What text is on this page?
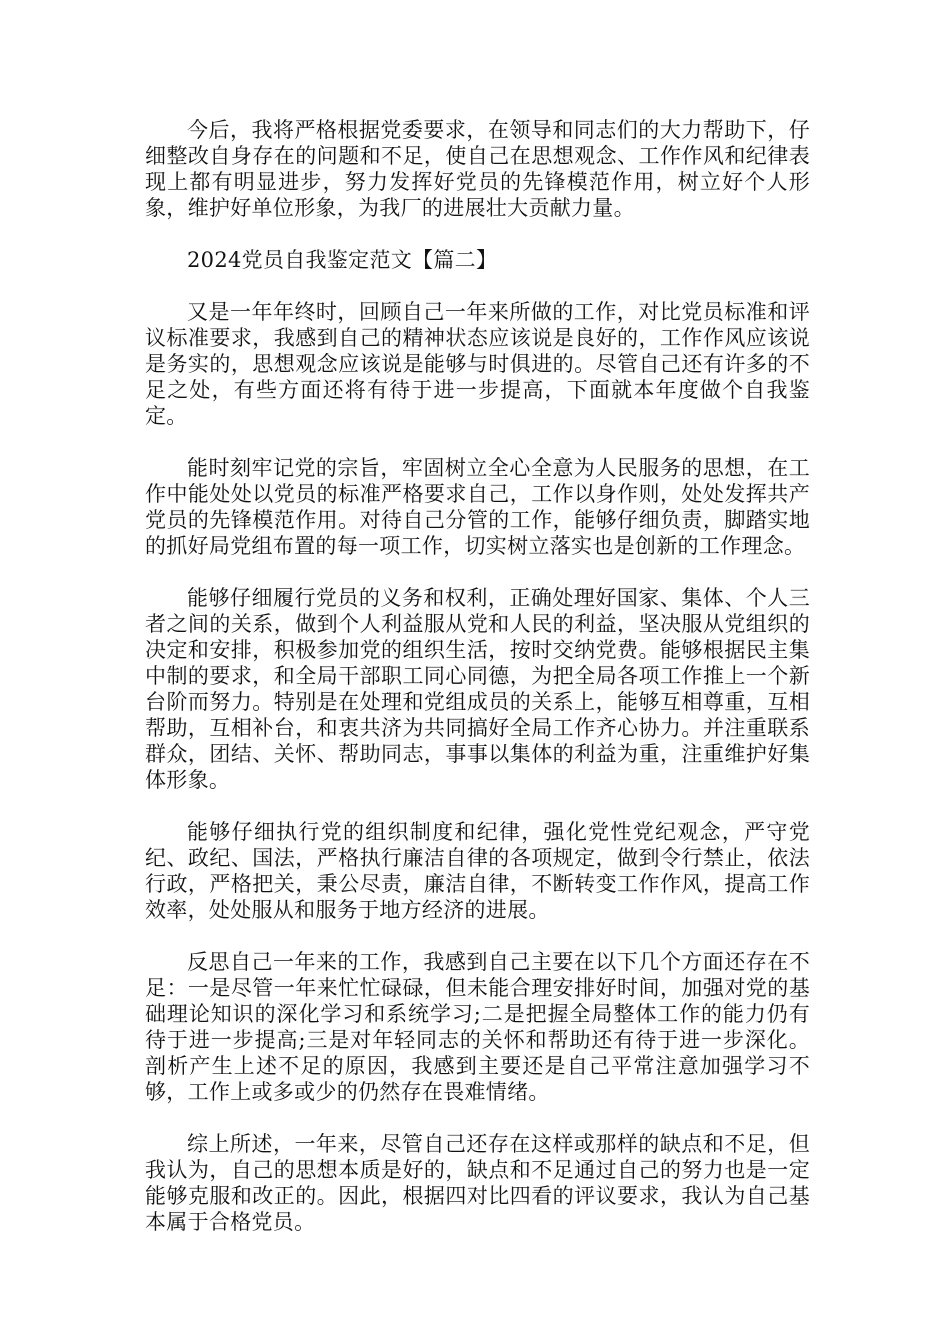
今后，我将严格根据党委要求，在领导和同志们的大力帮助下，仔细整改自身存在的问题和不足，使自己在思想观念、工作作风和纪律表现上都有明显进步，努力发挥好党员的先锋模范作用，树立好个人形象，维护好单位形象，为我厂的进展壮大贡献力量。

2024党员自我鉴定范文【篇二】

又是一年年终时，回顾自己一年来所做的工作，对比党员标准和评议标准要求，我感到自己的精神状态应该说是良好的，工作作风应该说是务实的，思想观念应该说是能够与时俱进的。尽管自己还有许多的不足之处，有些方面还将有待于进一步提高，下面就本年度做个自我鉴定。

能时刻牢记党的宗旨，牢固树立全心全意为人民服务的思想，在工作中能处处以党员的标准严格要求自己，工作以身作则，处处发挥共产党员的先锋模范作用。对待自己分管的工作，能够仔细负责，脚踏实地的抓好局党组布置的每一项工作，切实树立落实也是创新的工作理念。

能够仔细履行党员的义务和权利，正确处理好国家、集体、个人三者之间的关系，做到个人利益服从党和人民的利益，坚决服从党组织的决定和安排，积极参加党的组织生活，按时交纳党费。能够根据民主集中制的要求，和全局干部职工同心同德，为把全局各项工作推上一个新台阶而努力。特别是在处理和党组成员的关系上，能够互相尊重，互相帮助，互相补台，和衷共济为共同搞好全局工作齐心协力。并注重联系群众，团结、关怀、帮助同志，事事以集体的利益为重，注重维护好集体形象。

能够仔细执行党的组织制度和纪律，强化党性党纪观念，严守党纪、政纪、国法，严格执行廉洁自律的各项规定，做到令行禁止，依法行政，严格把关，秉公尽责，廉洁自律，不断转变工作作风，提高工作效率，处处服从和服务于地方经济的进展。

反思自己一年来的工作，我感到自己主要在以下几个方面还存在不足：一是尽管一年来忙忙碌碌，但未能合理安排好时间，加强对党的基础理论知识的深化学习和系统学习;二是把握全局整体工作的能力仍有待于进一步提高;三是对年轻同志的关怀和帮助还有待于进一步深化。剖析产生上述不足的原因，我感到主要还是自己平常注意加强学习不够，工作上或多或少的仍然存在畏难情绪。

综上所述，一年来，尽管自己还存在这样或那样的缺点和不足，但我认为，自己的思想本质是好的，缺点和不足通过自己的努力也是一定能够克服和改正的。因此，根据四对比四看的评议要求，我认为自己基本属于合格党员。
